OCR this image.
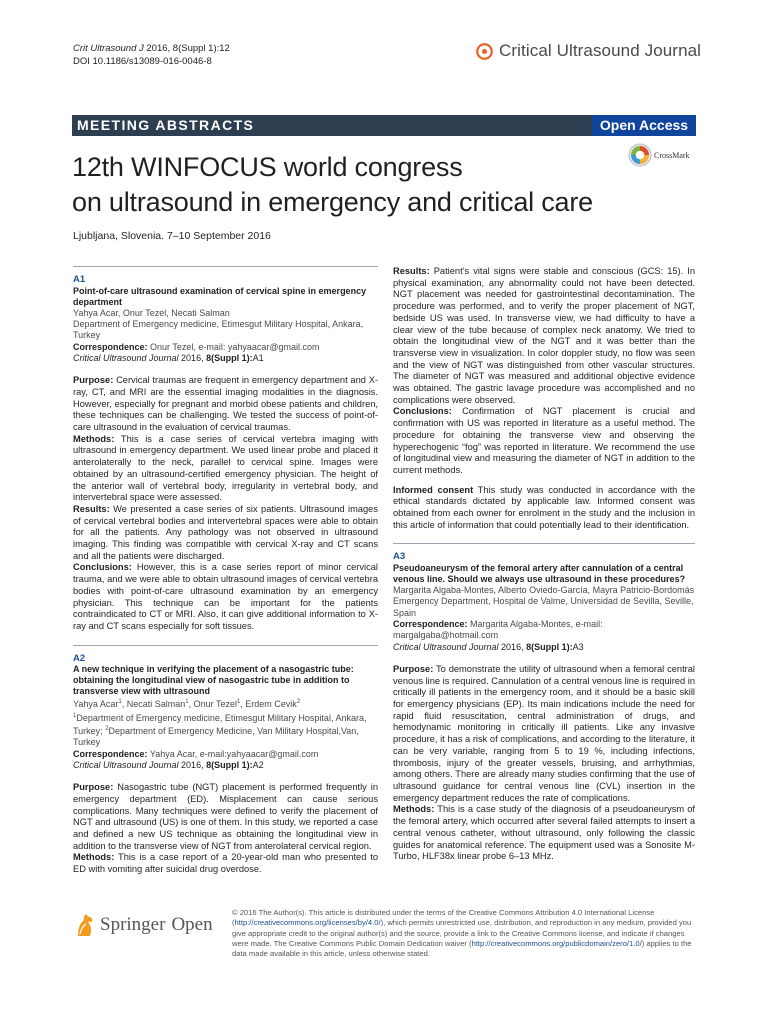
Crit Ultrasound J 2016, 8(Suppl 1):12
DOI 10.1186/s13089-016-0046-8
Critical Ultrasound Journal
MEETING ABSTRACTS	Open Access
CrossMark
12th WINFOCUS world congress
on ultrasound in emergency and critical care
Ljubljana, Slovenia. 7–10 September 2016

A1

Point-of-care ultrasound examination of cervical spine in emergency department

Yahya Acar, Onur Tezel, Necati Salman

Department of Emergency medicine, Etimesgut Military Hospital, Ankara, Turkey

Correspondence: Onur Tezel, e-mail: yahyaacar@gmail.com

Critical Ultrasound Journal 2016, 8(Suppl 1):A1

Purpose: Cervical traumas are frequent in emergency department and X-ray, CT, and MRI are the essential imaging modalities in the diagnosis. However, especially for pregnant and morbid obese patients and children, these techniques can be challenging. We tested the success of point-of-care ultrasound in the evaluation of cervical traumas.

Methods: This is a case series of cervical vertebra imaging with ultrasound in emergency department. We used linear probe and placed it anterolaterally to the neck, parallel to cervical spine. Images were obtained by an ultrasound-certified emergency physician. The height of the anterior wall of vertebral body, irregularity in vertebral body, and intervertebral space were assessed.

Results: We presented a case series of six patients. Ultrasound images of cervical vertebral bodies and intervertebral spaces were able to obtain for all the patients. Any pathology was not observed in ultrasound imaging. This finding was compatible with cervical X-ray and CT scans and all the patients were discharged.

Conclusions: However, this is a case series report of minor cervical trauma, and we were able to obtain ultrasound images of cervical vertebra bodies with point-of-care ultrasound examination by an emergency physician. This technique can be important for the patients contraindicated to CT or MRI. Also, it can give additional information to X-ray and CT scans especially for soft tissues.

A2

A new technique in verifying the placement of a nasogastric tube: obtaining the longitudinal view of nasogastric tube in addition to transverse view with ultrasound

Yahya Acar$^1$, Necati Salman$^1$, Onur Tezel$^1$, Erdem Cevik$^2$

$^1$Department of Emergency medicine, Etimesgut Military Hospital, Ankara, Turkey; $^2$Department of Emergency Medicine, Van Military Hospital,Van, Turkey

Correspondence: Yahya Acar, e-mail:yahyaacar@gmail.com

Critical Ultrasound Journal 2016, 8(Suppl 1):A2

Purpose: Nasogastric tube (NGT) placement is performed frequently in emergency department (ED). Misplacement can cause serious complications. Many techniques were defined to verify the placement of NGT and ultrasound (US) is one of them. In this study, we reported a case and defined a new US technique as obtaining the longitudinal view in addition to the transverse view of NGT from anterolateral cervical region.

Methods: This is a case report of a 20-year-old man who presented to ED with vomiting after suicidal drug overdose.

Results: Patient’s vital signs were stable and conscious (GCS: 15). In physical examination, any abnormality could not have been detected. NGT placement was needed for gastrointestinal decontamination. The procedure was performed, and to verify the proper placement of NGT, bedside US was used. In transverse view, we had difficulty to have a clear view of the tube because of complex neck anatomy. We tried to obtain the longitudinal view of the NGT and it was better than the transverse view in visualization. In color doppler study, no flow was seen and the view of NGT was distinguished from other vascular structures. The diameter of NGT was measured and additional objective evidence was obtained. The gastric lavage procedure was accomplished and no complications were observed.

Conclusions: Confirmation of NGT placement is crucial and confirmation with US was reported in literature as a useful method. The procedure for obtaining the transverse view and observing the hyperechogenic “fog” was reported in literature. We recommend the use of longitudinal view and measuring the diameter of NGT in addition to the current methods.

Informed consent This study was conducted in accordance with the ethical standards dictated by applicable law. Informed consent was obtained from each owner for enrolment in the study and the inclusion in this article of information that could potentially lead to their identification.

A3

Pseudoaneurysm of the femoral artery after cannulation of a central venous line. Should we always use ultrasound in these procedures?

Margarita Algaba-Montes, Alberto Oviedo-García, Mayra Patricio-Bordomás

Emergency Department, Hospital de Valme, Universidad de Sevilla, Seville, Spain

Correspondence: Margarita Algaba-Montes, e-mail: margalgaba@hotmail.com

Critical Ultrasound Journal 2016, 8(Suppl 1):A3

Purpose: To demonstrate the utility of ultrasound when a femoral central venous line is required. Cannulation of a central venous line is required in critically ill patients in the emergency room, and it should be a basic skill for emergency physicians (EP). Its main indications include the need for rapid fluid resuscitation, central administration of drugs, and hemodynamic monitoring in critically ill patients. Like any invasive procedure, it has a risk of complications, and according to the literature, it can be very variable, ranging from 5 to 19 %, including infections, thrombosis, injury of the greater vessels, bruising, and arrhythmias, among others. There are already many studies confirming that the use of ultrasound guidance for central venous line (CVL) insertion in the emergency department reduces the rate of complications.

Methods: This is a case study of the diagnosis of a pseudoaneurysm of the femoral artery, which occurred after several failed attempts to insert a central venous catheter, without ultrasound, only following the classic guides for anatomical reference. The equipment used was a Sonosite M-Turbo, HLF38x linear probe 6–13 MHz.

Springer Open
© 2016 The Author(s). This article is distributed under the terms of the Creative Commons Attribution 4.0 International License (http://creativecommons.org/licenses/by/4.0/), which permits unrestricted use, distribution, and reproduction in any medium, provided you give appropriate credit to the original author(s) and the source, provide a link to the Creative Commons license, and indicate if changes were made. The Creative Commons Public Domain Dedication waiver (http://creativecommons.org/publicdomain/zero/1.0/) applies to the data made available in this article, unless otherwise stated.
